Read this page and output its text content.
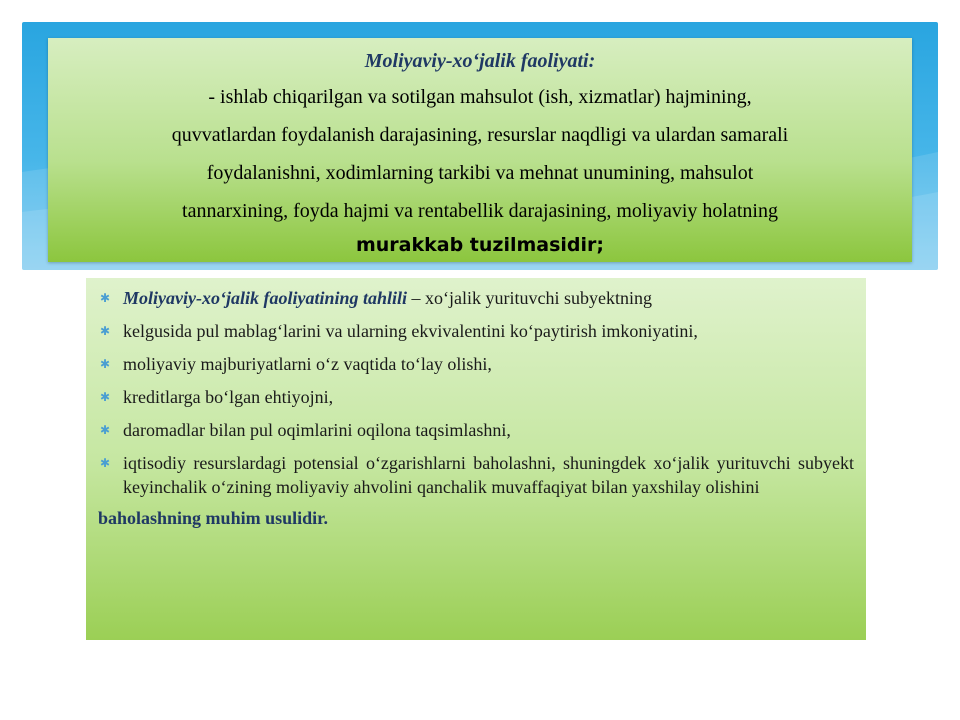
Moliyaviy-xo‘jalik faoliyati:
- ishlab chiqarilgan va sotilgan mahsulot (ish, xizmatlar) hajmining,
quvvatlardan foydalanish darajasining, resurslar naqdligi va ulardan samarali
foydalanishni, xodimlarning tarkibi va mehnat unumining, mahsulot
tannarxining, foyda hajmi va rentabellik darajasining, moliyaviy holatning
murakkab tuzilmasidir;
✱ Moliyaviy-xo‘jalik faoliyatining tahlili – xo‘jalik yurituvchi subyektning
✱ kelgusida pul mablag‘larini va ularning ekvivalentini ko‘paytirish imkoniyatini,
✱ moliyaviy majburiyatlarni o‘z vaqtida to‘lay olishi,
✱ kreditlarga bo‘lgan ehtiyojni,
✱ daromadlar bilan pul oqimlarini oqilona taqsimlashni,
✱ iqtisodiy resurslardagi potensial o‘zgarishlarni baholashni, shuningdek xo‘jalik yurituvchi subyekt keyinchalik o‘zining moliyaviy ahvolini qanchalik muvaffaqiyat bilan yaxshilay olishini
baholashning muhim usulidir.
